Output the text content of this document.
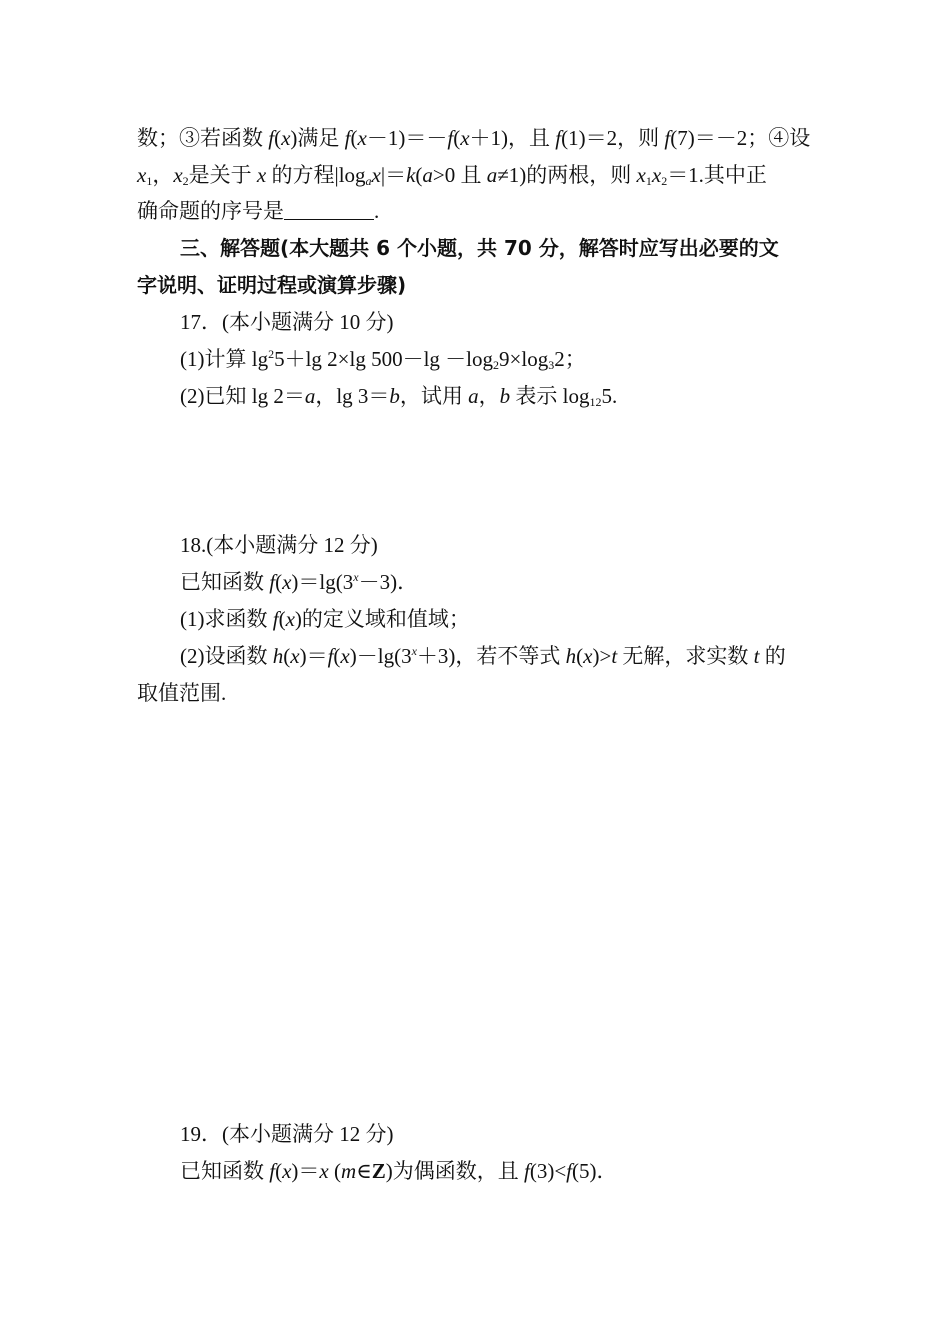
数；③若函数 f(x)满足 f(x－1)＝－f(x＋1)，且 f(1)＝2，则 f(7)＝－2；④设
$x_1$，$x_2$是关于 x 的方程$|\log_ax|=k(a>0$ 且 a≠1)的两根，则 $x_1x_2=1$.其中正
确命题的序号是	.
三、解答题(本大题共 6 个小题，共 70 分，解答时应写出必要的文
字说明、证明过程或演算步骤)
17．(本小题满分 10 分)
(1)计算 $\lg^25+\lg$ 2×lg $500-\lg -\log_29\times\log_32$；
(2)已知 lg 2＝a，lg 3＝b，试用 a，b 表示 $\log_{12}5$.
18.(本小题满分 12 分)
已知函数 $f(x)=\lg(3^x-3)$．
(1)求函数 f(x)的定义域和值域；
(2)设函数 $h(x)=f(x)-\lg(3^x+3)$，若不等式 h(x)>t 无解，求实数 t 的
取值范围.
19．(本小题满分 12 分)
已知函数 f(x)＝x (m∈Z)为偶函数，且 f(3)<f(5)．
